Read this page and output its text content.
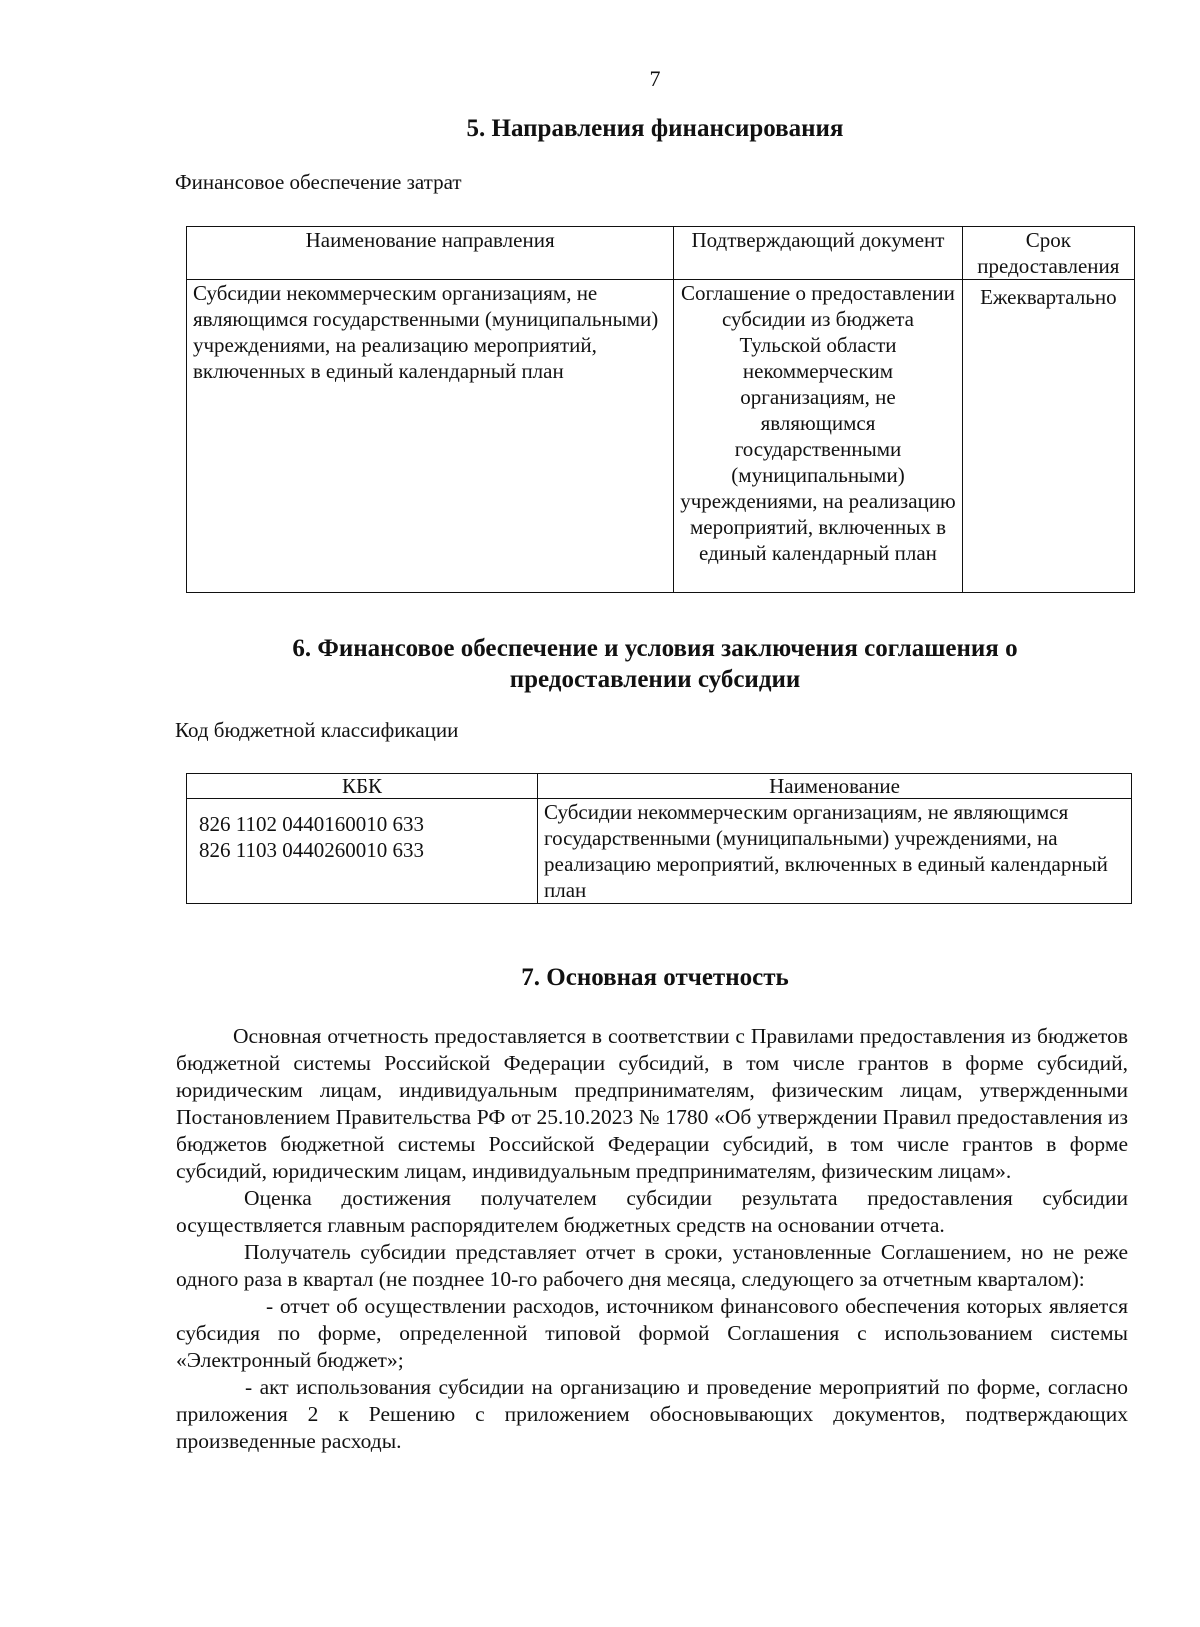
7
5. Направления финансирования
Финансовое обеспечение затрат
Наименование направления	Подтверждающий документ	Срок предоставления
Субсидии некоммерческим организациям, не являющимся государственными (муниципальными) учреждениями, на реализацию мероприятий, включенных в единый календарный план	Соглашение о предоставлении субсидии из бюджета Тульской области некоммерческим организациям, не являющимся государственными (муниципальными) учреждениями, на реализацию мероприятий, включенных в единый календарный план	Ежеквартально
6. Финансовое обеспечение и условия заключения соглашения о
предоставлении субсидии
Код бюджетной классификации
КБК	Наименование

826 1102 0440160010 633
826 1103 0440260010 633	Субсидии некоммерческим организациям, не являющимся государственными (муниципальными) учреждениями, на реализацию мероприятий, включенных в единый календарный план
7. Основная отчетность

Основная отчетность предоставляется в соответствии с Правилами предоставления из бюджетов бюджетной системы Российской Федерации субсидий, в том числе грантов в форме субсидий, юридическим лицам, индивидуальным предпринимателям, физическим лицам, утвержденными Постановлением Правительства РФ от 25.10.2023 № 1780 «Об утверждении Правил предоставления из бюджетов бюджетной системы Российской Федерации субсидий, в том числе грантов в форме субсидий, юридическим лицам, индивидуальным предпринимателям, физическим лицам».

Оценка достижения получателем субсидии результата предоставления субсидии осуществляется главным распорядителем бюджетных средств на основании отчета.

Получатель субсидии представляет отчет в сроки, установленные Соглашением, но не реже одного раза в квартал (не позднее 10-го рабочего дня месяца, следующего за отчетным кварталом):

- отчет об осуществлении расходов, источником финансового обеспечения которых является субсидия по форме, определенной типовой формой Соглашения с использованием системы «Электронный бюджет»;

- акт использования субсидии на организацию и проведение мероприятий по форме, согласно приложения 2 к Решению с приложением обосновывающих документов, подтверждающих произведенные расходы.
